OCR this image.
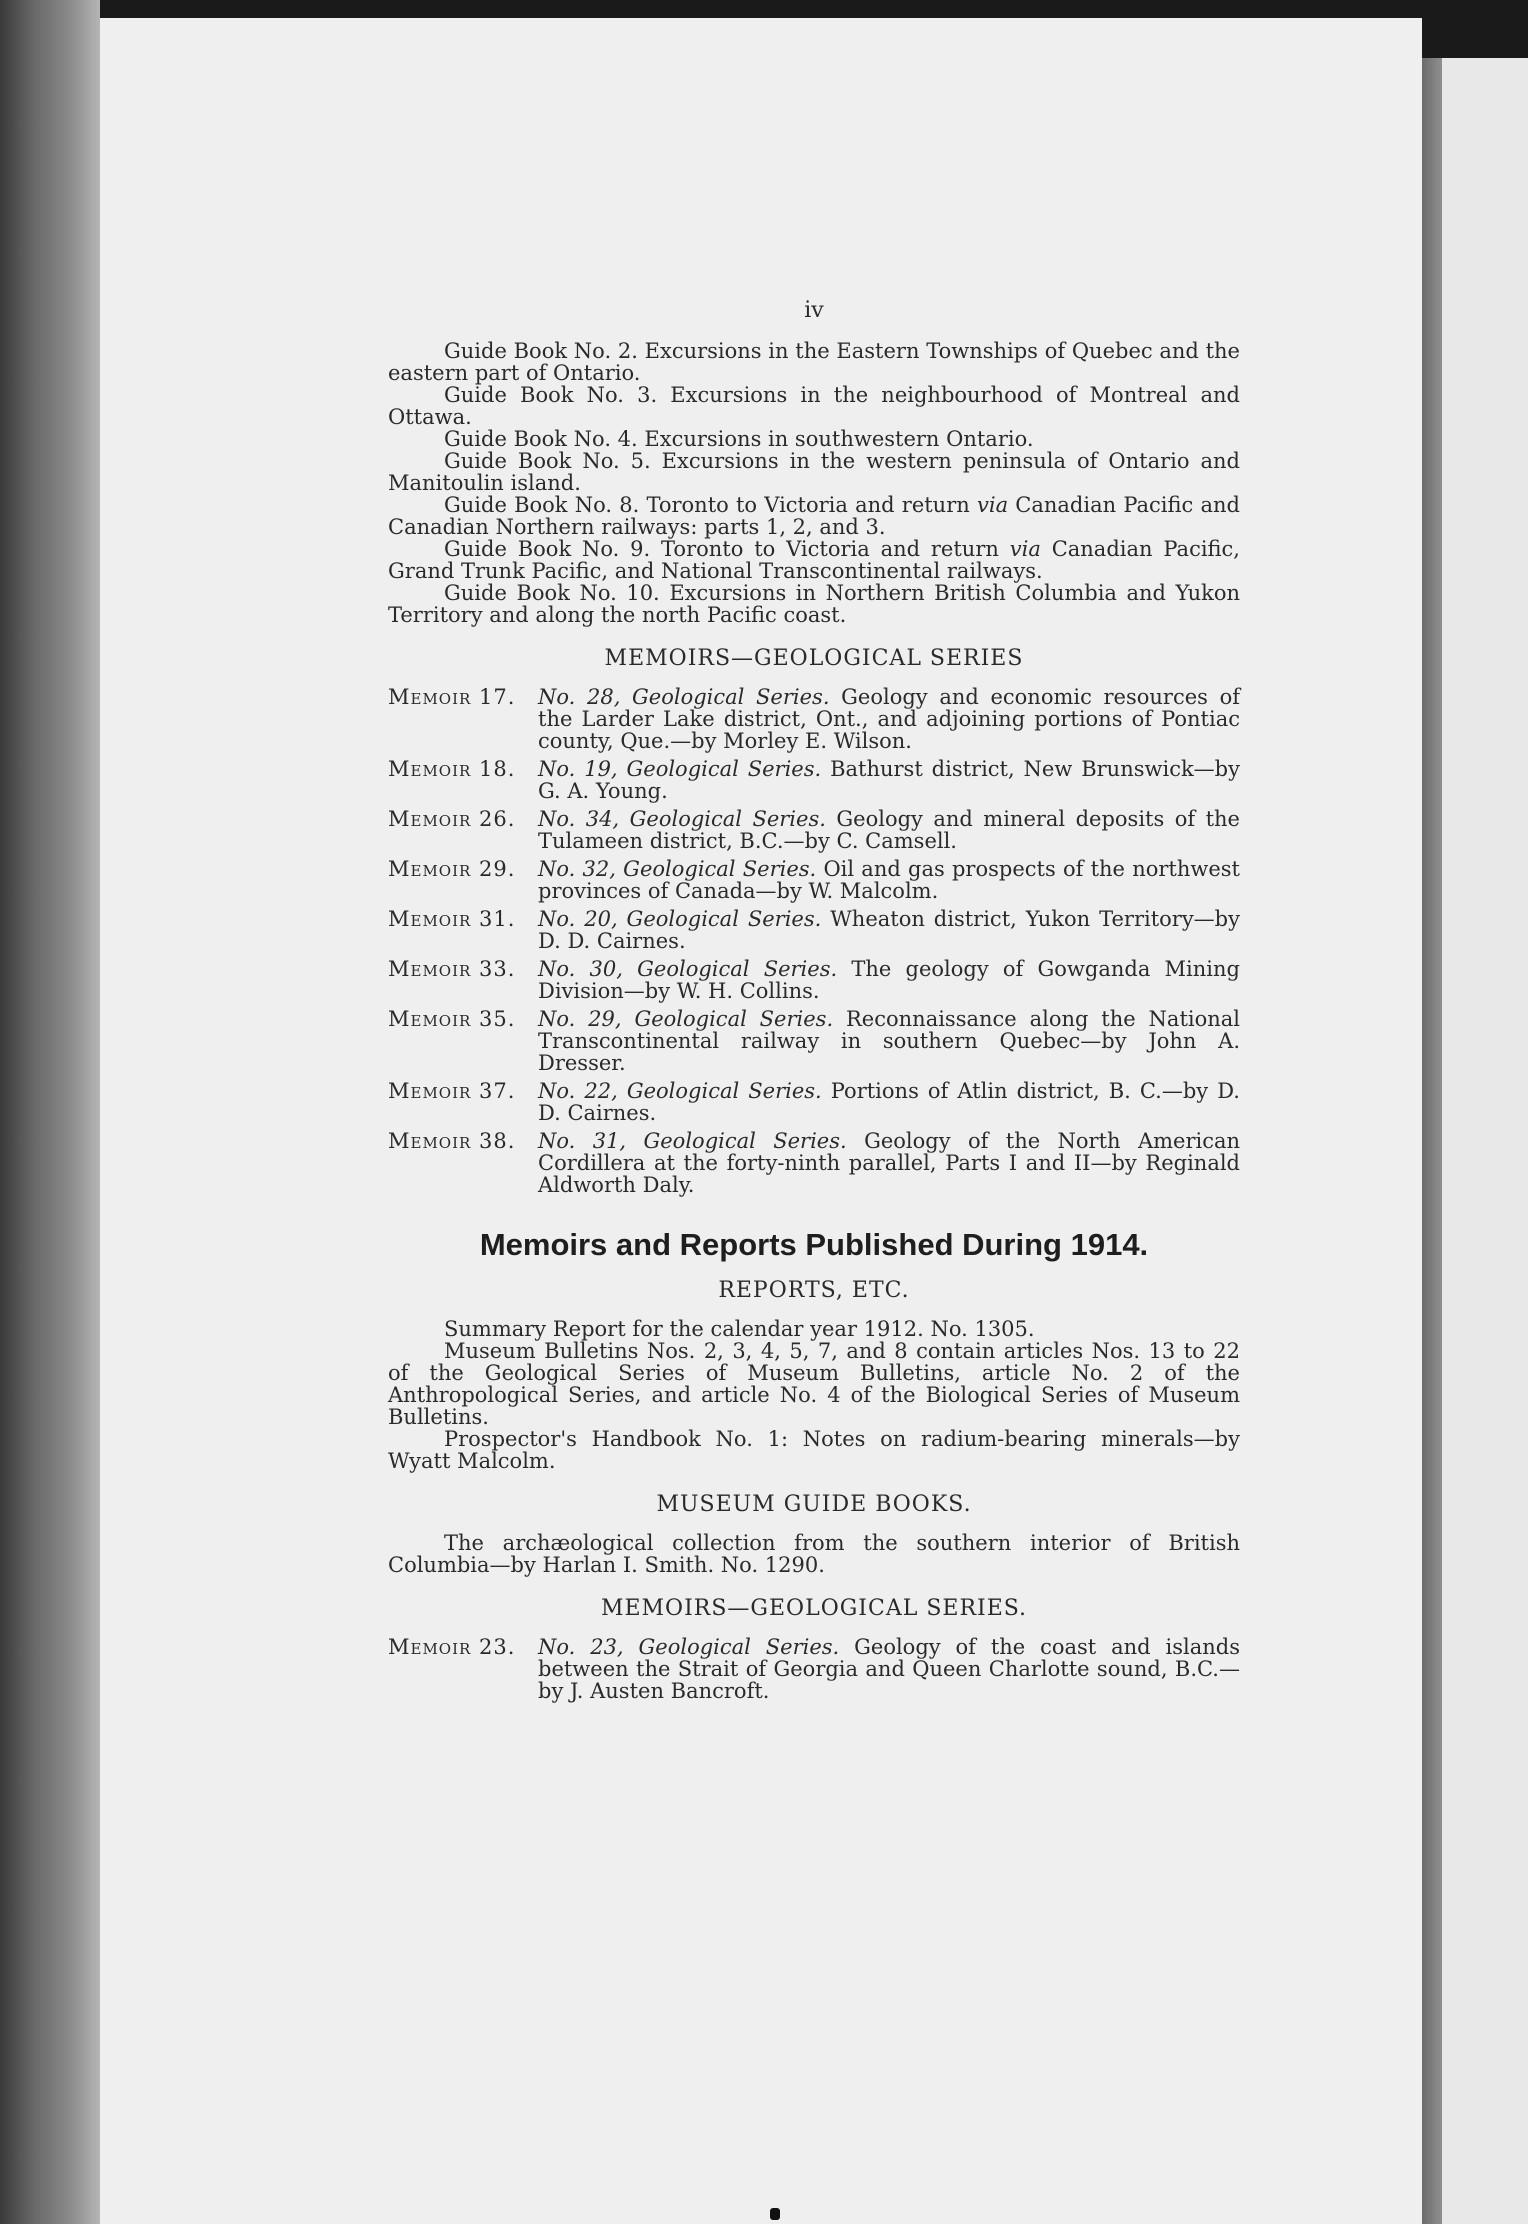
iv

Guide Book No. 2. Excursions in the Eastern Townships of Quebec and the eastern part of Ontario.

Guide Book No. 3. Excursions in the neighbourhood of Montreal and Ottawa.

Guide Book No. 4. Excursions in southwestern Ontario.

Guide Book No. 5. Excursions in the western peninsula of Ontario and Manitoulin island.

Guide Book No. 8. Toronto to Victoria and return via Canadian Pacific and Canadian Northern railways: parts 1, 2, and 3.

Guide Book No. 9. Toronto to Victoria and return via Canadian Pacific, Grand Trunk Pacific, and National Transcontinental railways.

Guide Book No. 10. Excursions in Northern British Columbia and Yukon Territory and along the north Pacific coast.

MEMOIRS—GEOLOGICAL SERIES
Memoir 17.	No. 28, Geological Series. Geology and economic resources of the Larder Lake district, Ont., and adjoining portions of Pontiac county, Que.—by Morley E. Wilson.
Memoir 18.	No. 19, Geological Series. Bathurst district, New Brunswick—by G. A. Young.
Memoir 26.	No. 34, Geological Series. Geology and mineral deposits of the Tulameen district, B.C.—by C. Camsell.
Memoir 29.	No. 32, Geological Series. Oil and gas prospects of the northwest provinces of Canada—by W. Malcolm.
Memoir 31.	No. 20, Geological Series. Wheaton district, Yukon Territory—by D. D. Cairnes.
Memoir 33.	No. 30, Geological Series. The geology of Gowganda Mining Division—by W. H. Collins.
Memoir 35.	No. 29, Geological Series. Reconnaissance along the National Transcontinental railway in southern Quebec—by John A. Dresser.
Memoir 37.	No. 22, Geological Series. Portions of Atlin district, B. C.—by D. D. Cairnes.
Memoir 38.	No. 31, Geological Series. Geology of the North American Cordillera at the forty-ninth parallel, Parts I and II—by Reginald Aldworth Daly.
Memoirs and Reports Published During 1914.
REPORTS, ETC.

Summary Report for the calendar year 1912. No. 1305.

Museum Bulletins Nos. 2, 3, 4, 5, 7, and 8 contain articles Nos. 13 to 22 of the Geological Series of Museum Bulletins, article No. 2 of the Anthropological Series, and article No. 4 of the Biological Series of Museum Bulletins.

Prospector's Handbook No. 1: Notes on radium-bearing minerals—by Wyatt Malcolm.

MUSEUM GUIDE BOOKS.

The archæological collection from the southern interior of British Columbia—by Harlan I. Smith. No. 1290.

MEMOIRS—GEOLOGICAL SERIES.
Memoir 23.	No. 23, Geological Series. Geology of the coast and islands between the Strait of Georgia and Queen Charlotte sound, B.C.—by J. Austen Bancroft.
